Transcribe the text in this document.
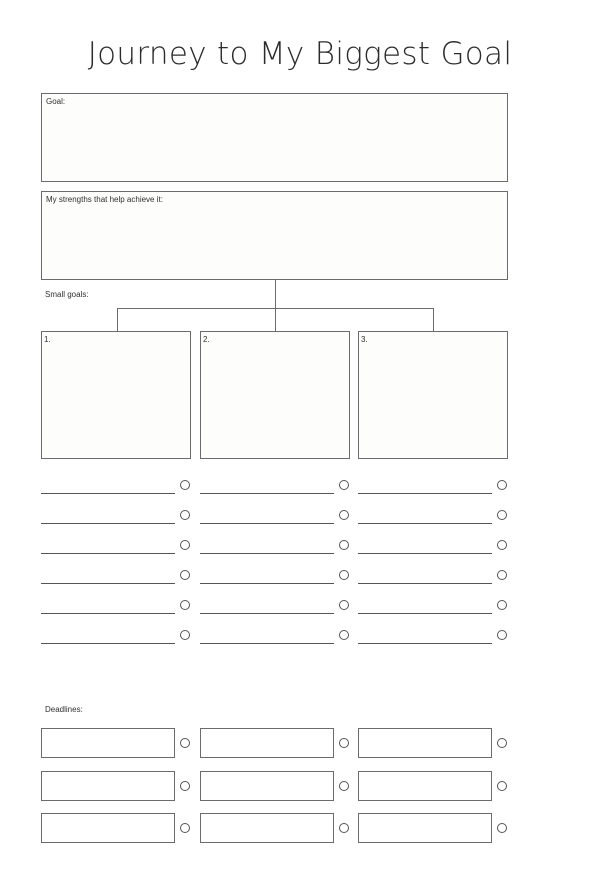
Journey to My Biggest Goal
Goal:
My strengths that help achieve it:
Small goals:
1.	2.	3.
Deadlines:
